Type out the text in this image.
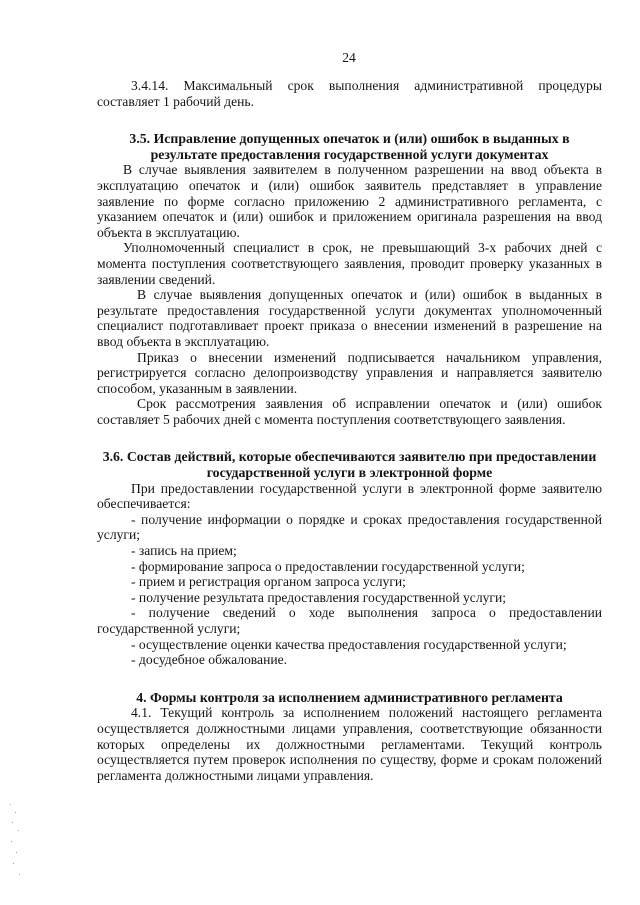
24

3.4.14. Максимальный срок выполнения административной процедуры составляет 1 рабочий день.

3.5. Исправление допущенных опечаток и (или) ошибок в выданных в результате предоставления государственной услуги документах

В случае выявления заявителем в полученном разрешении на ввод объекта в эксплуатацию опечаток и (или) ошибок заявитель представляет в управление заявление по форме согласно приложению 2 административного регламента, с указанием опечаток и (или) ошибок и приложением оригинала разрешения на ввод объекта в эксплуатацию.

Уполномоченный специалист в срок, не превышающий 3-х рабочих дней с момента поступления соответствующего заявления, проводит проверку указанных в заявлении сведений.

В случае выявления допущенных опечаток и (или) ошибок в выданных в результате предоставления государственной услуги документах уполномоченный специалист подготавливает проект приказа о внесении изменений в разрешение на ввод объекта в эксплуатацию.

Приказ о внесении изменений подписывается начальником управления, регистрируется согласно делопроизводству управления и направляется заявителю способом, указанным в заявлении.

Срок рассмотрения заявления об исправлении опечаток и (или) ошибок составляет 5 рабочих дней с момента поступления соответствующего заявления.

3.6. Состав действий, которые обеспечиваются заявителю при предоставлении государственной услуги в электронной форме

При предоставлении государственной услуги в электронной форме заявителю обеспечивается:

- получение информации о порядке и сроках предоставления государственной услуги;

- запись на прием;

- формирование запроса о предоставлении государственной услуги;

- прием и регистрация органом запроса услуги;

- получение результата предоставления государственной услуги;

- получение сведений о ходе выполнения запроса о предоставлении государственной услуги;

- осуществление оценки качества предоставления государственной услуги;

- досудебное обжалование.

4. Формы контроля за исполнением административного регламента

4.1. Текущий контроль за исполнением положений настоящего регламента осуществляется должностными лицами управления, соответствующие обязанности которых определены их должностными регламентами. Текущий контроль осуществляется путем проверок исполнения по существу, форме и срокам положений регламента должностными лицами управления.
